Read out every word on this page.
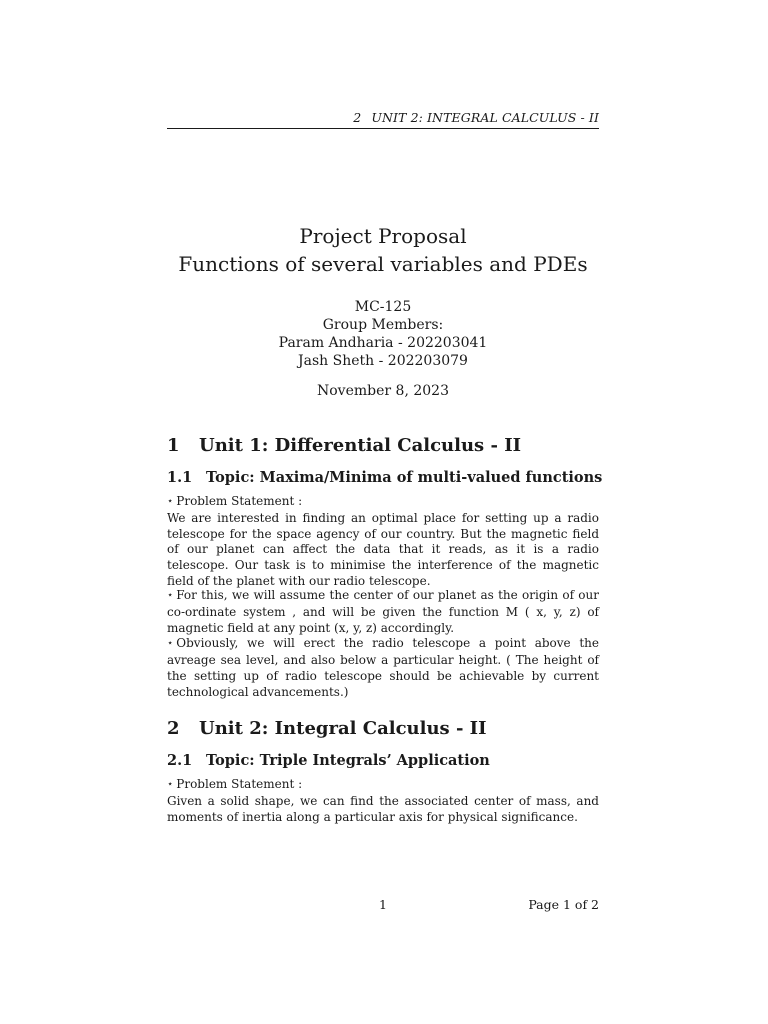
2 UNIT 2: INTEGRAL CALCULUS - II

Project Proposal

Functions of several variables and PDEs

MC-125
Group Members:
Param Andharia - 202203041
Jash Sheth - 202203079
November 8, 2023
1 Unit 1: Differential Calculus - II
1.1 Topic: Maxima/Minima of multi-valued functions

⋆ Problem Statement :
We are interested in finding an optimal place for setting up a radio telescope for the space agency of our country. But the magnetic field of our planet can affect the data that it reads, as it is a radio telescope. Our task is to minimise the interference of the magnetic field of the planet with our radio telescope.

⋆ For this, we will assume the center of our planet as the origin of our co-ordinate system , and will be given the function M ( x, y, z) of magnetic field at any point (x, y, z) accordingly.
⋆ Obviously, we will erect the radio telescope a point above the avreage sea level, and also below a particular height. ( The height of the setting up of radio telescope should be achievable by current technological advancements.)

2 Unit 2: Integral Calculus - II
2.1 Topic: Triple Integrals’ Application

⋆ Problem Statement :
Given a solid shape, we can find the associated center of mass, and moments of inertia along a particular axis for physical significance.

1	Page 1 of 2
